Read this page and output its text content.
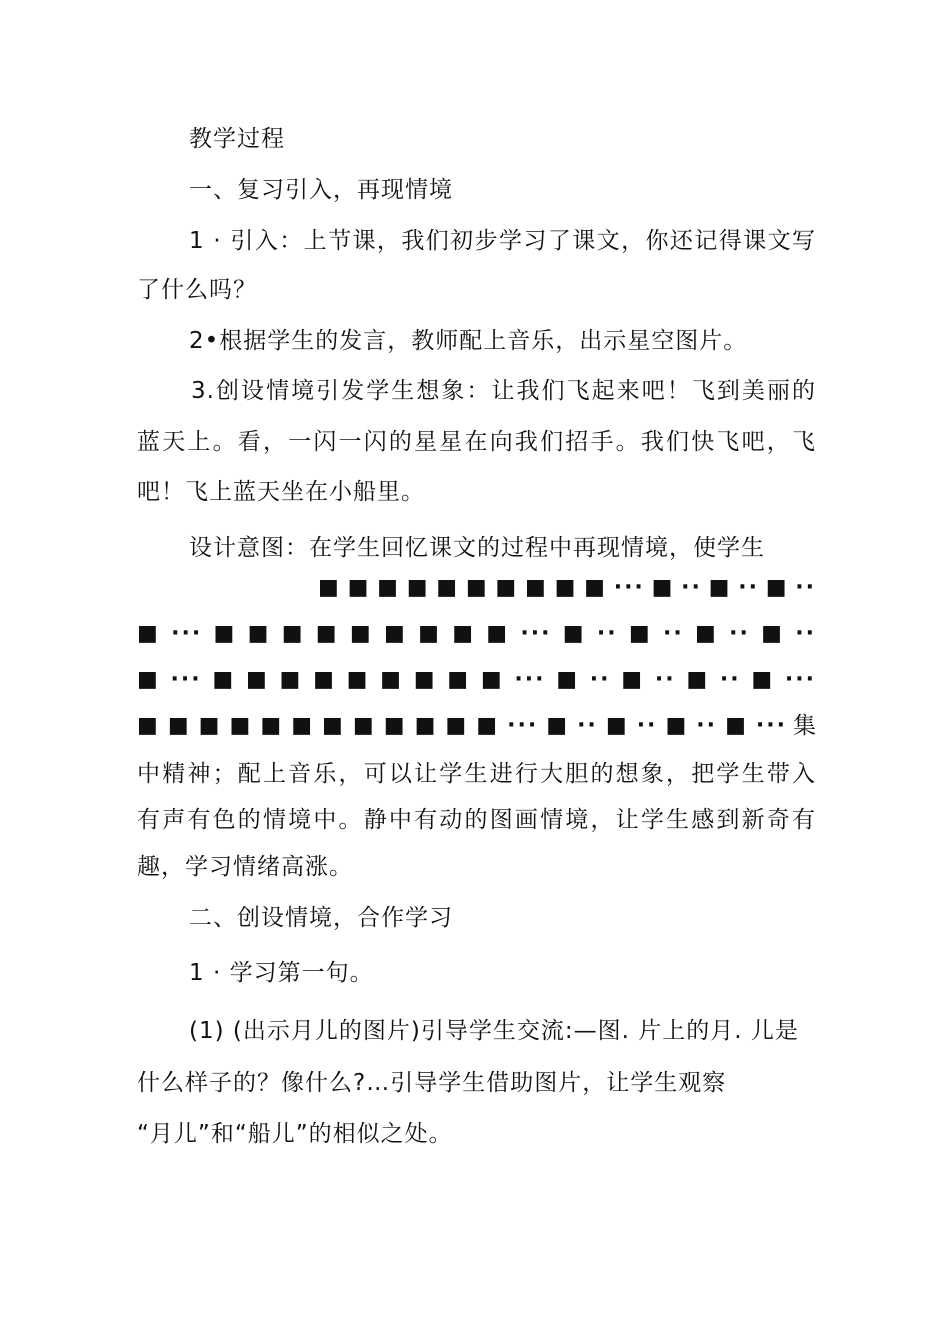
教学过程
一、复习引入，再现情境
1 · 引入：上节课，我们初步学习了课文，你还记得课文写
了什么吗？
2•根据学生的发言，教师配上音乐，出示星空图片。
3.创设情境引发学生想象：让我们飞起来吧！飞到美丽的
蓝天上。看，一闪一闪的星星在向我们招手。我们快飞吧，飞
吧！飞上蓝天坐在小船里。
设计意图：在学生回忆课文的过程中再现情境，使学生
■■■■■■■■■■···■··■··■··
■···■■■■■■■■■···■··■··■··■··
■···■■■■■■■■■···■··■··■··■···
■■■■■■■■■■■■···■··■··■··■··· 集
中精神；配上音乐，可以让学生进行大胆的想象，把学生带入
有声有色的情境中。静中有动的图画情境，让学生感到新奇有
趣，学习情绪高涨。
二、创设情境，合作学习
1 · 学习第一句。
(1) (出示月儿的图片)引导学生交流:—图. 片上的月. 儿是
什么样子的？像什么?…引导学生借助图片，让学生观察
“月儿”和“船儿”的相似之处。
